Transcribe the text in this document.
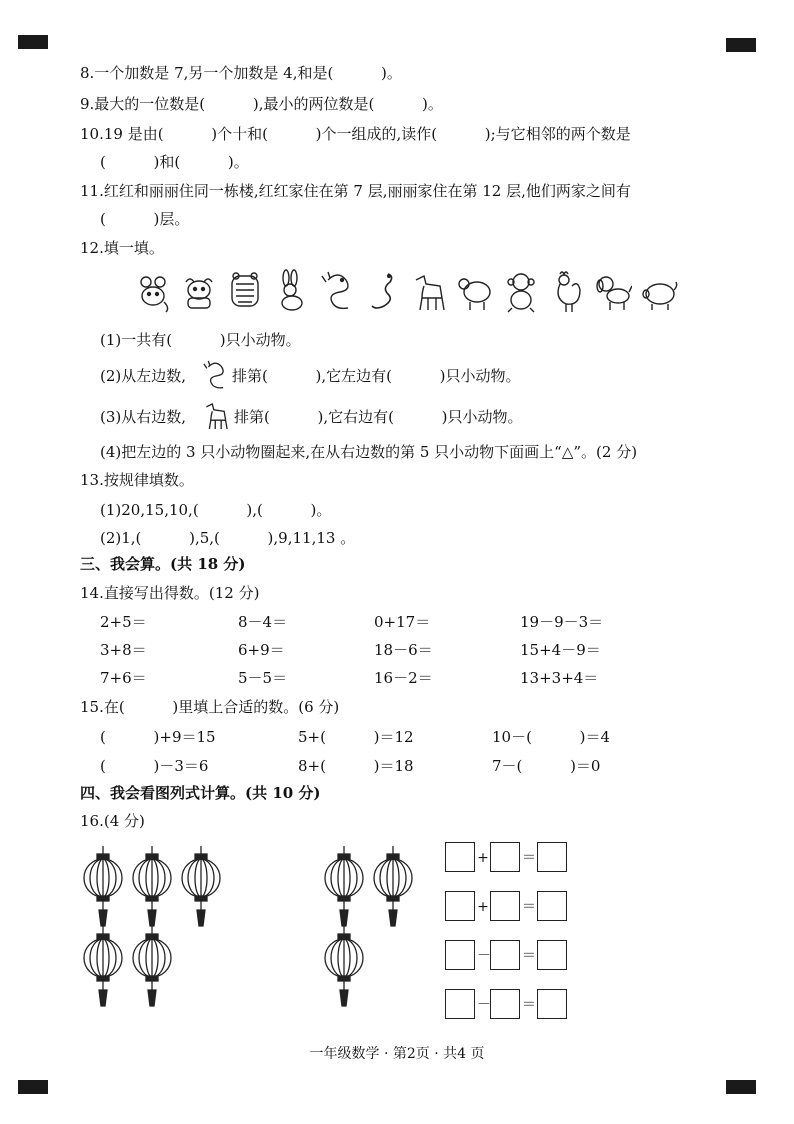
8.一个加数是 7,另一个加数是 4,和是(          )。
9.最大的一位数是(          ),最小的两位数是(          )。
10.19 是由(          )个十和(          )个一组成的,读作(          );与它相邻的两个数是
(          )和(          )。
11.红红和丽丽住同一栋楼,红红家住在第 7 层,丽丽家住在第 12 层,他们两家之间有
(          )层。
12.填一填。
(1)一共有(          )只小动物。
(2)从左边数,	排第(          ),它左边有(          )只小动物。
(3)从右边数,	排第(          ),它右边有(          )只小动物。
(4)把左边的 3 只小动物圈起来,在从右边数的第 5 只小动物下面画上“△”。(2 分)
13.按规律填数。
(1)20,15,10,(          ),(          )。
(2)1,(          ),5,(          ),9,11,13 。
三、我会算。(共 18 分)
14.直接写出得数。(12 分)
2+5＝	8－4＝	0+17＝	19－9－3＝
3+8＝	6+9＝	18－6＝	15+4－9＝
7+6＝	5－5＝	16－2＝	13+3+4＝
15.在(          )里填上合适的数。(6 分)
(          )+9＝15	5+(          )＝12	10－(          )＝4
(          )－3＝6	8+(          )＝18	7－(          )＝0
四、我会看图列式计算。(共 10 分)
16.(4 分)
+ ＝
+ ＝
－ ＝
－ ＝
一年级数学 · 第2页 · 共4 页
